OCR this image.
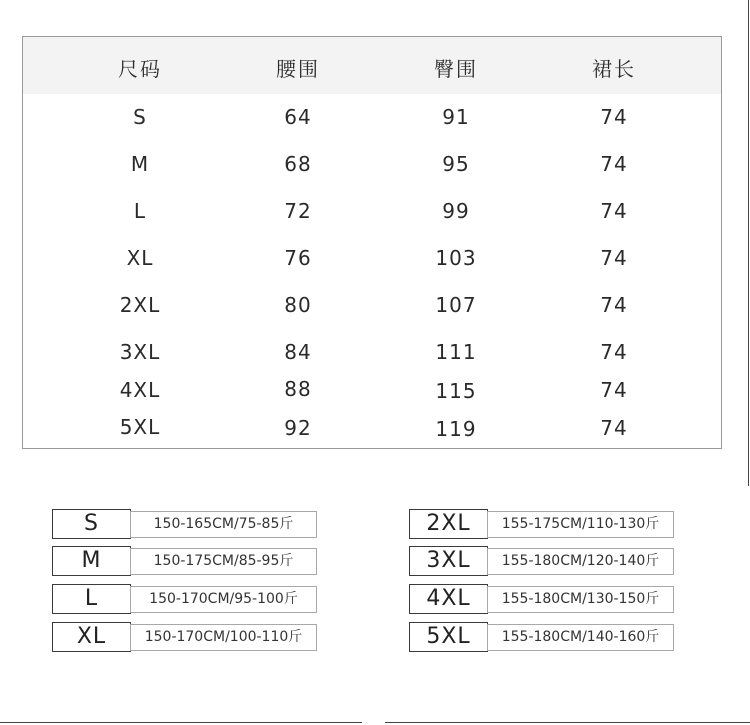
尺码	腰围	臀围	裙长
S	64	91	74
M	68	95	74
L	72	99	74
XL	76	103	74
2XL	80	107	74
3XL	84	111	74
4XL	88	115	74
5XL	92	119	74
S	150-165CM/75-85斤
M	150-175CM/85-95斤
L	150-170CM/95-100斤
XL	150-170CM/100-110斤
2XL	155-175CM/110-130斤
3XL	155-180CM/120-140斤
4XL	155-180CM/130-150斤
5XL	155-180CM/140-160斤
